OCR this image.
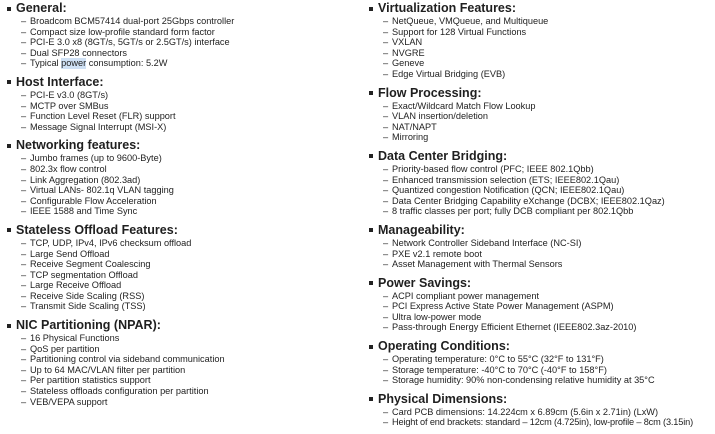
General:
– Broadcom BCM57414 dual-port 25Gbps controller
– Compact size low-profile standard form factor
– PCI-E 3.0 x8 (8GT/s, 5GT/s or 2.5GT/s) interface
– Dual SFP28 connectors
– Typical power consumption: 5.2W
Host Interface:
– PCI-E v3.0 (8GT/s)
– MCTP over SMBus
– Function Level Reset (FLR) support
– Message Signal Interrupt (MSI-X)
Networking features:
– Jumbo frames (up to 9600-Byte)
– 802.3x flow control
– Link Aggregation (802.3ad)
– Virtual LANs- 802.1q VLAN tagging
– Configurable Flow Acceleration
– IEEE 1588 and Time Sync
Stateless Offload Features:
– TCP, UDP, IPv4, IPv6 checksum offload
– Large Send Offload
– Receive Segment Coalescing
– TCP segmentation Offload
– Large Receive Offload
– Receive Side Scaling (RSS)
– Transmit Side Scaling (TSS)
NIC Partitioning (NPAR):
– 16 Physical Functions
– QoS per partition
– Partitioning control via sideband communication
– Up to 64 MAC/VLAN filter per partition
– Per partition statistics support
– Stateless offloads configuration per partition
– VEB/VEPA support
Virtualization Features:
– NetQueue, VMQueue, and Multiqueue
– Support for 128 Virtual Functions
– VXLAN
– NVGRE
– Geneve
– Edge Virtual Bridging (EVB)
Flow Processing:
– Exact/Wildcard Match Flow Lookup
– VLAN insertion/deletion
– NAT/NAPT
– Mirroring
Data Center Bridging:
– Priority-based flow control (PFC; IEEE 802.1Qbb)
– Enhanced transmission selection (ETS; IEEE802.1Qau)
– Quantized congestion Notification (QCN; IEEE802.1Qau)
– Data Center Bridging Capability eXchange (DCBX; IEEE802.1Qaz)
– 8 traffic classes per port; fully DCB compliant per 802.1Qbb
Manageability:
– Network Controller Sideband Interface (NC-SI)
– PXE v2.1 remote boot
– Asset Management with Thermal Sensors
Power Savings:
– ACPI compliant power management
– PCI Express Active State Power Management (ASPM)
– Ultra low-power mode
– Pass-through Energy Efficient Ethernet (IEEE802.3az-2010)
Operating Conditions:
– Operating temperature: 0°C to 55°C (32°F to 131°F)
– Storage temperature: -40°C to 70°C (-40°F to 158°F)
– Storage humidity: 90% non-condensing relative humidity at 35°C
Physical Dimensions:
– Card PCB dimensions: 14.224cm x 6.89cm (5.6in x 2.71in) (LxW)
– Height of end brackets: standard – 12cm (4.725in), low-profile – 8cm (3.15in)
